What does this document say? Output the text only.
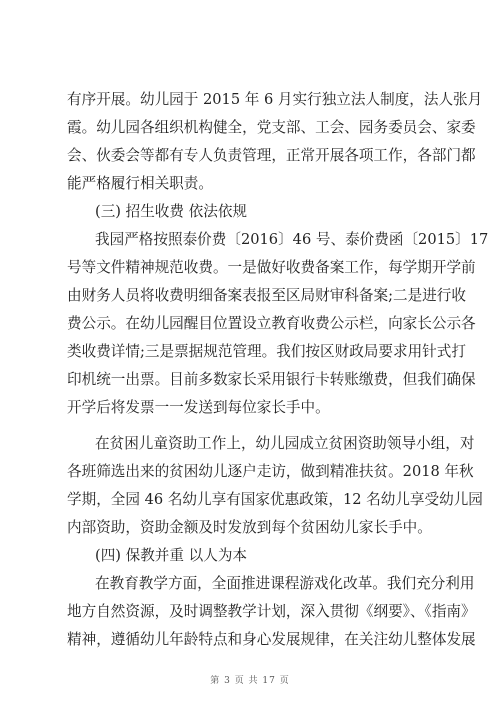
有序开展。幼儿园于 2015 年 6 月实行独立法人制度，法人张月
霞。幼儿园各组织机构健全，党支部、工会、园务委员会、家委
会、伙委会等都有专人负责管理，正常开展各项工作，各部门都
能严格履行相关职责。
(三) 招生收费 依法依规
我园严格按照泰价费〔2016〕46 号、泰价费函〔2015〕17
号等文件精神规范收费。一是做好收费备案工作，每学期开学前
由财务人员将收费明细备案表报至区局财审科备案;二是进行收
费公示。在幼儿园醒目位置设立教育收费公示栏，向家长公示各
类收费详情;三是票据规范管理。我们按区财政局要求用针式打
印机统一出票。目前多数家长采用银行卡转账缴费，但我们确保
开学后将发票一一发送到每位家长手中。
在贫困儿童资助工作上，幼儿园成立贫困资助领导小组，对
各班筛选出来的贫困幼儿逐户走访，做到精准扶贫。2018 年秋
学期，全园 46 名幼儿享有国家优惠政策，12 名幼儿享受幼儿园
内部资助，资助金额及时发放到每个贫困幼儿家长手中。
(四) 保教并重 以人为本
在教育教学方面，全面推进课程游戏化改革。我们充分利用
地方自然资源，及时调整教学计划，深入贯彻《纲要》、《指南》
精神，遵循幼儿年龄特点和身心发展规律，在关注幼儿整体发展
第 3 页 共 17 页
